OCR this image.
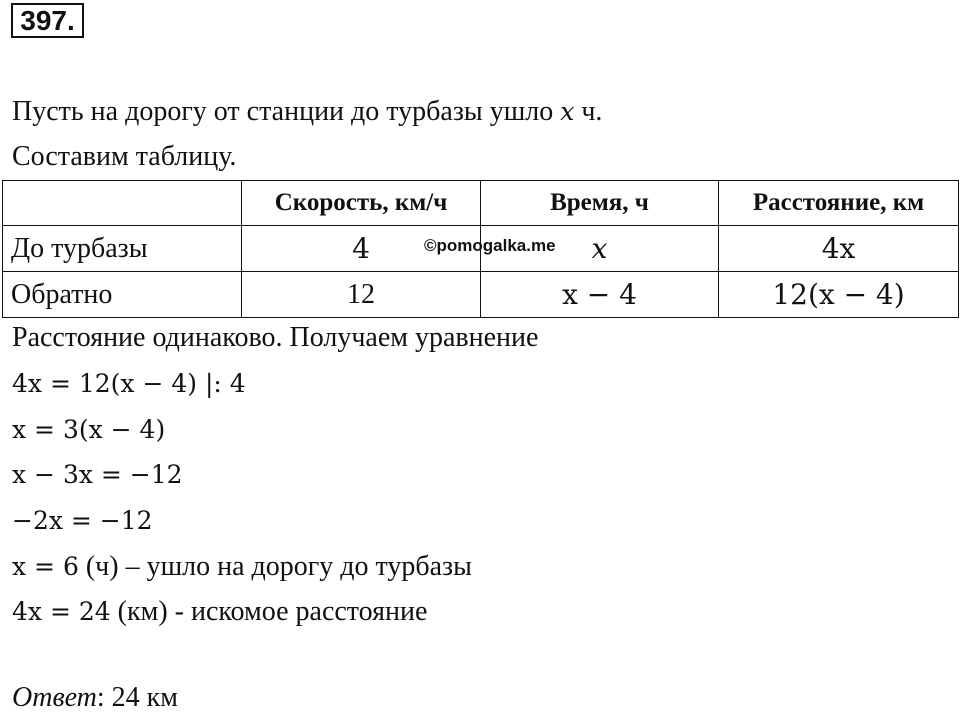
397.
Пусть на дорогу от станции до турбазы ушло x ч.
Составим таблицу.
	Скорость, км/ч	Время, ч	Расстояние, км
До турбазы	4	x	4x
Обратно	12	x − 4	12(x − 4)
©pomogalka.me
Расстояние одинаково. Получаем уравнение
4x = 12(x − 4) |: 4
x = 3(x − 4)
x − 3x = −12
−2x = −12
x = 6 (ч) – ушло на дорогу до турбазы
4x = 24 (км) - искомое расстояние
Ответ: 24 км
